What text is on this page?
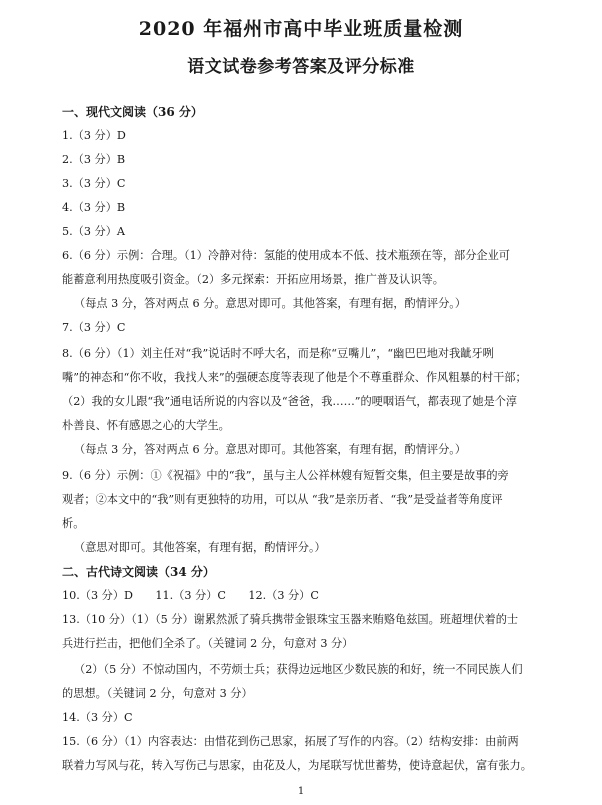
2020 年福州市高中毕业班质量检测
语文试卷参考答案及评分标准
一、现代文阅读（36 分）
1.（3 分）D
2.（3 分）B
3.（3 分）C
4.（3 分）B
5.（3 分）A
6.（6 分）示例：合理。（1）冷静对待：氢能的使用成本不低、技术瓶颈在等，部分企业可
能蓄意利用热度吸引资金。（2）多元探索：开拓应用场景，推广普及认识等。
（每点 3 分，答对两点 6 分。意思对即可。其他答案，有理有据，酌情评分。）
7.（3 分）C
8.（6 分）（1）刘主任对“我”说话时不呼大名，而是称“豆嘴儿”，“幽巴巴地对我龇牙咧
嘴”的神态和“你不收，我找人来”的强硬态度等表现了他是个不尊重群众、作风粗暴的村干部；
（2）我的女儿跟“我”通电话所说的内容以及“爸爸，我……”的哽咽语气，都表现了她是个淳
朴善良、怀有感恩之心的大学生。
（每点 3 分，答对两点 6 分。意思对即可。其他答案，有理有据，酌情评分。）
9.（6 分）示例：①《祝福》中的“我”，虽与主人公祥林嫂有短暂交集，但主要是故事的旁
观者；②本文中的“我”则有更独特的功用，可以从 “我”是亲历者、“我”是受益者等角度评
析。
（意思对即可。其他答案，有理有据，酌情评分。）
二、古代诗文阅读（34 分）
10.（3 分）D　　11.（3 分）C　　12.（3 分）C
13.（10 分）（1）（5 分）谢累然派了骑兵携带金银珠宝玉器来贿赂龟兹国。班超埋伏着的士
兵进行拦击，把他们全杀了。（关键词 2 分，句意对 3 分）
（2）（5 分）不惊动国内，不劳烦士兵；获得边远地区少数民族的和好，统一不同民族人们
的思想。（关键词 2 分，句意对 3 分）
14.（3 分）C
15.（6 分）（1）内容表达：由惜花到伤己思家，拓展了写作的内容。（2）结构安排：由前两
联着力写风与花，转入写伤己与思家，由花及人，为尾联写忧世蓄势，使诗意起伏，富有张力。
1
